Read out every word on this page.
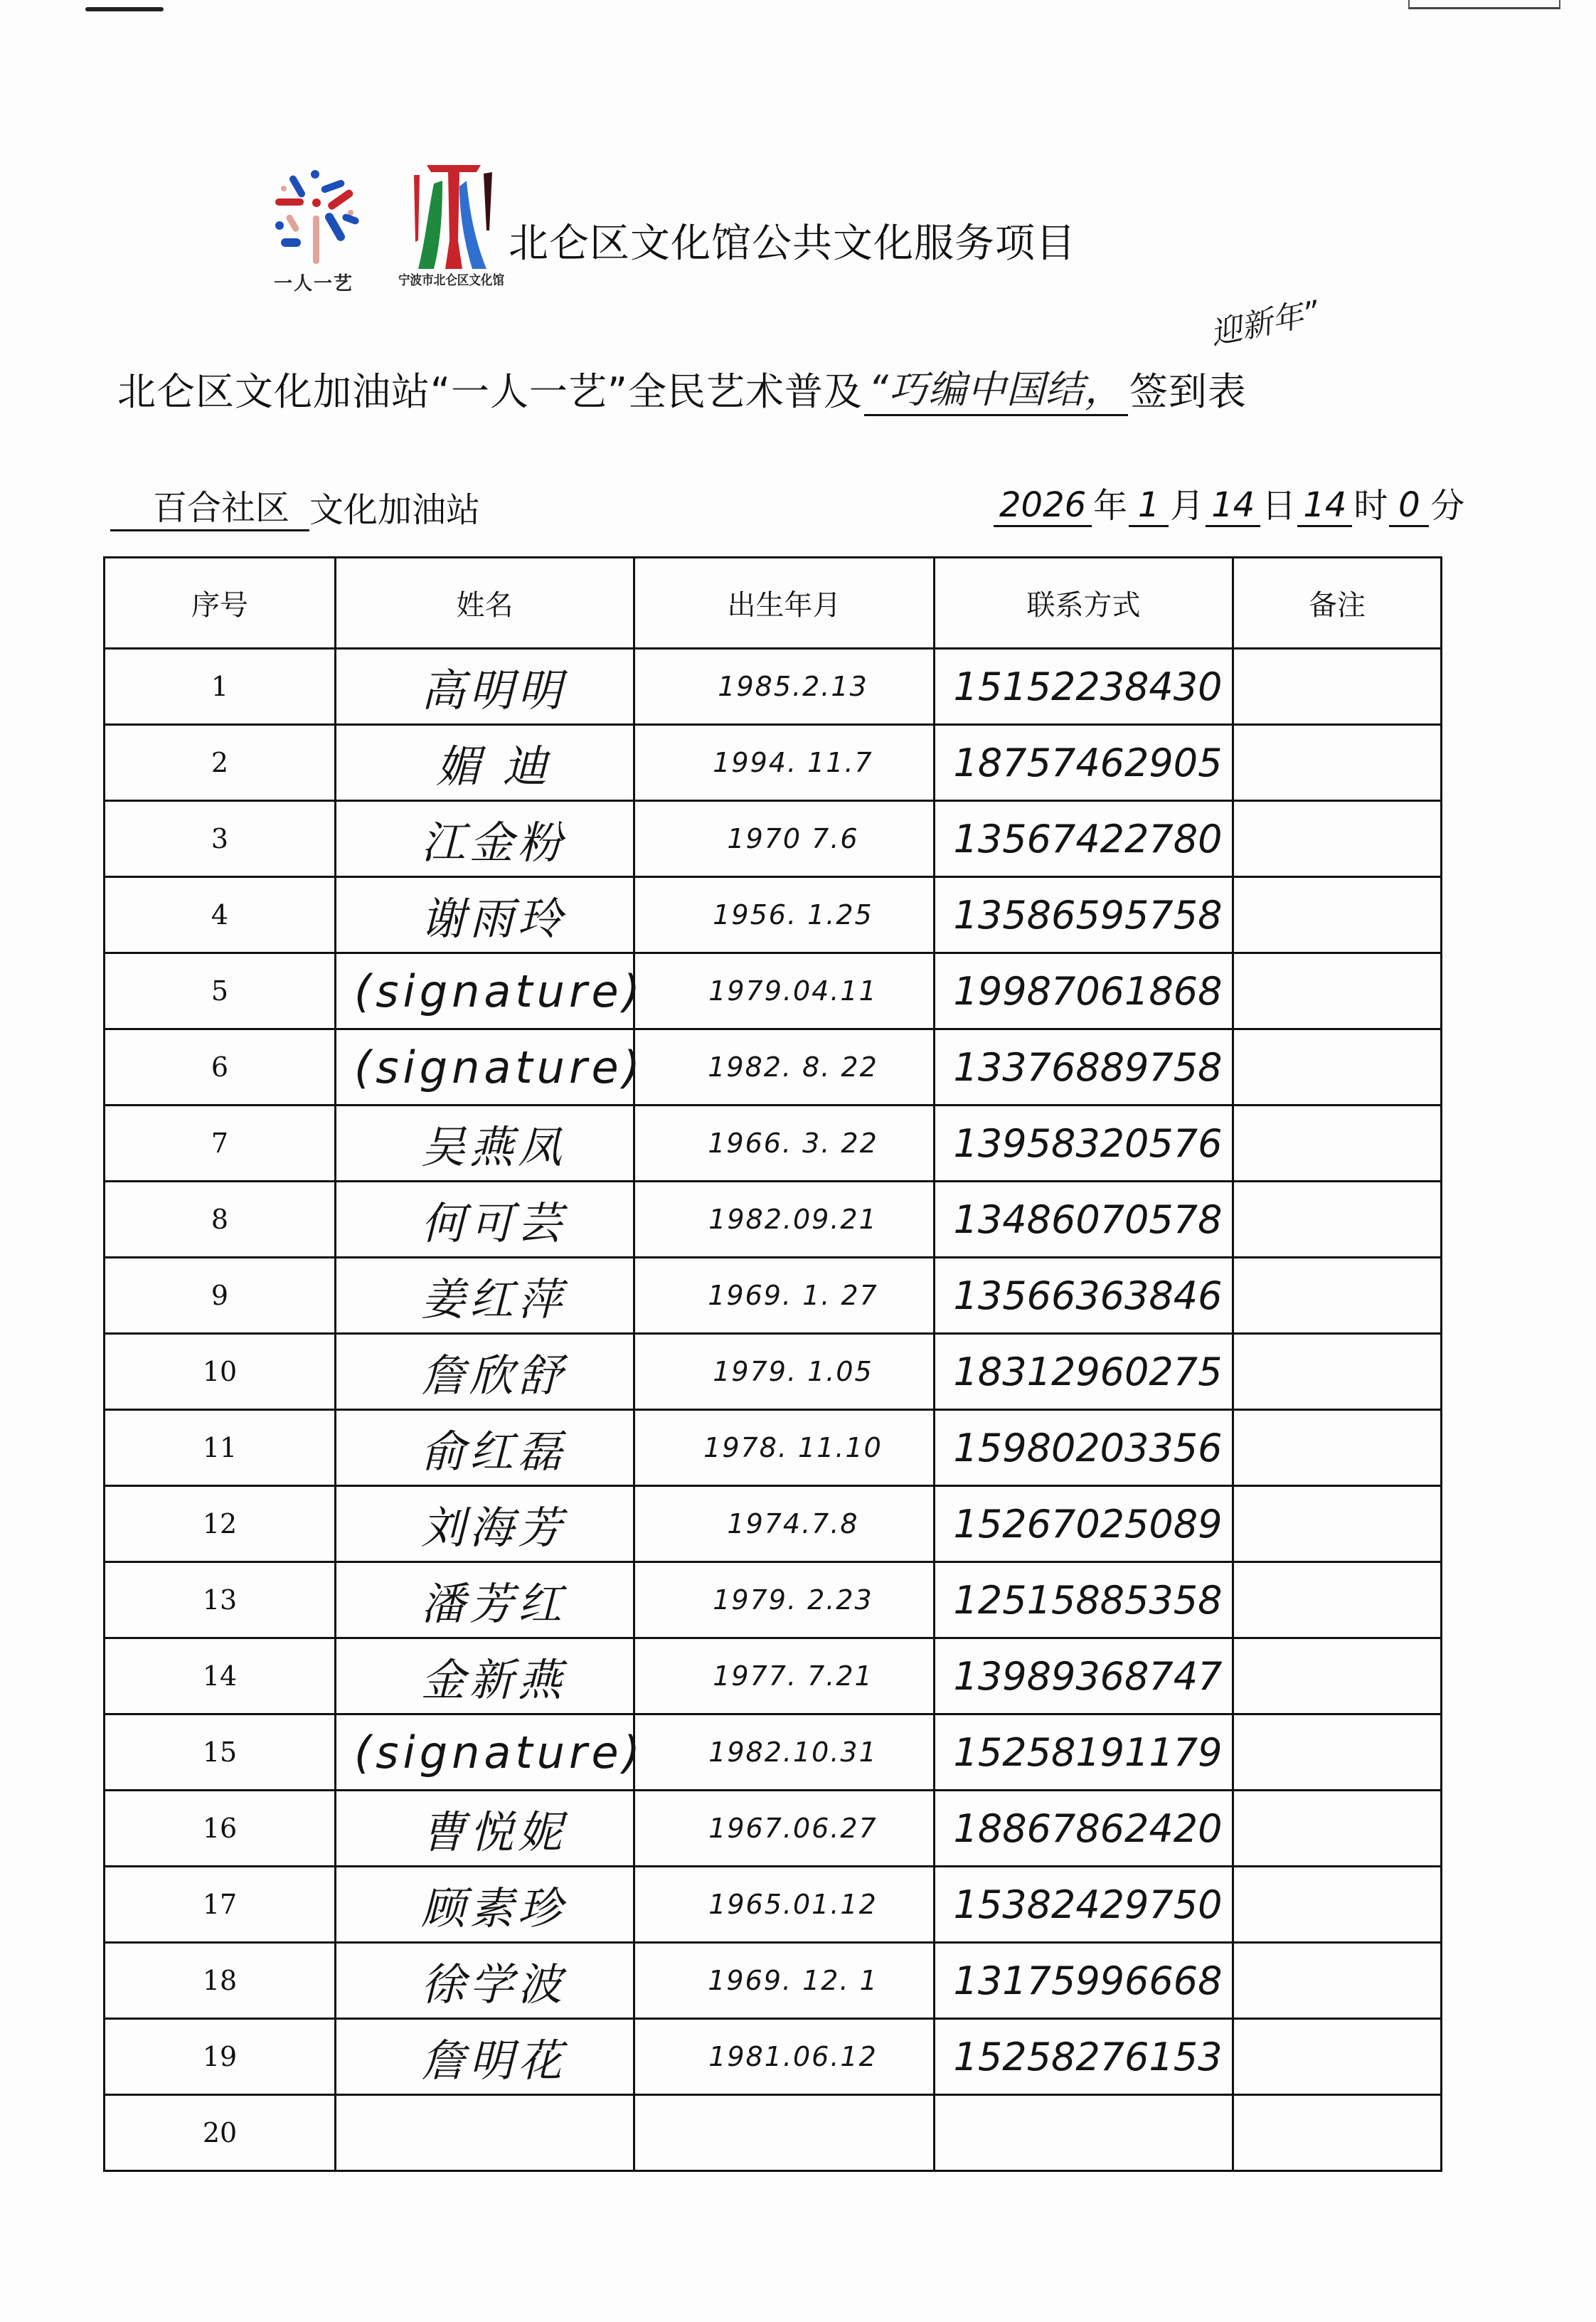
一人一艺	宁波市北仑区文化馆
北仑区文化馆公共文化服务项目
迎新年”
北仑区文化加油站“一人一艺”全民艺术普及 “巧编中国结， 签到表
百合社区 文化加油站	2026 年 1 月 14 日 14 时 0 分
序号	姓名	出生年月	联系方式	备注
1	高明明	1985.2.13	15152238430	
2	媚 迪	1994. 11.7	18757462905	
3	江金粉	1970 7.6	13567422780	
4	谢雨玲	1956. 1.25	13586595758	
5	(signature)	1979.04.11	19987061868	
6	(signature)	1982. 8. 22	13376889758	
7	吴燕凤	1966. 3. 22	13958320576	
8	何可芸	1982.09.21	13486070578	
9	姜红萍	1969. 1. 27	13566363846	
10	詹欣舒	1979. 1.05	18312960275	
11	俞红磊	1978. 11.10	15980203356	
12	刘海芳	1974.7.8	15267025089	
13	潘芳红	1979. 2.23	12515885358	
14	金新燕	1977. 7.21	13989368747	
15	(signature)	1982.10.31	15258191179	
16	曹悦妮	1967.06.27	18867862420	
17	顾素珍	1965.01.12	15382429750	
18	徐学波	1969. 12. 1	13175996668	
19	詹明花	1981.06.12	15258276153	
20				
